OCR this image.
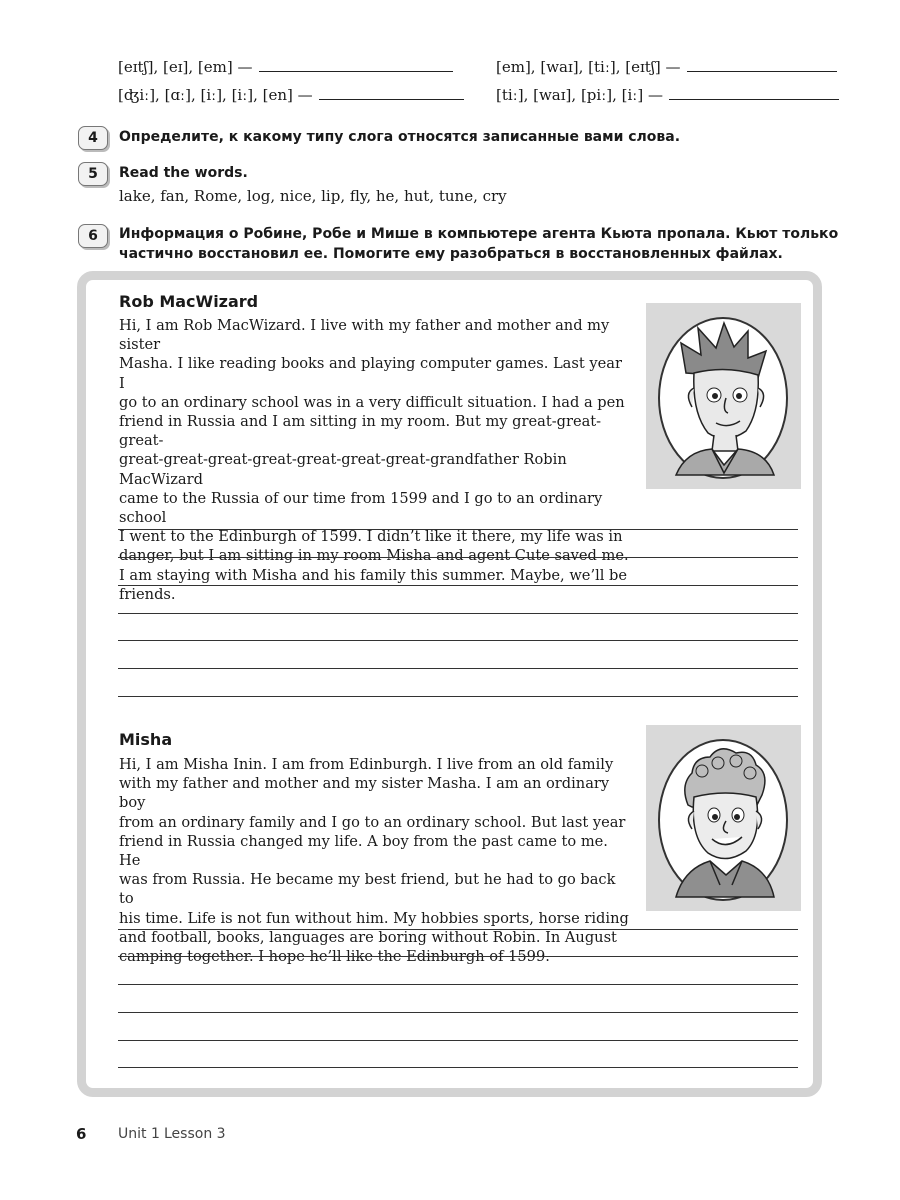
[eɪtʃ], [eɪ], [em] —
[ʤiː], [ɑː], [iː], [iː], [en] —
[em], [waɪ], [tiː], [eɪtʃ] —
[tiː], [waɪ], [piː], [iː] —
4	Определите, к какому типу слога относятся записанные вами слова.
5	Read the words.
lake, fan, Rome, log, nice, lip, fly, he, hut, tune, cry
6	Информация о Робине, Робе и Мише в компьютере агента Кьюта пропала. Кьют только
частично восстановил ее. Помогите ему разобраться в восстановленных файлах.
Rob MacWizard
Hi, I am Rob MacWizard. I live with my father and mother and my sister
Masha. I like reading books and playing computer games. Last year I
go to an ordinary school was in a very difficult situation. I had a pen
friend in Russia and I am sitting in my room. But my great-great-great-
great-great-great-great-great-great-great-grandfather Robin MacWizard
came to the Russia of our time from 1599 and I go to an ordinary school
I went to the Edinburgh of 1599. I didn’t like it there, my life was in
danger, but I am sitting in my room Misha and agent Cute saved me.
I am staying with Misha and his family this summer. Maybe, we’ll be
friends.
Misha
Hi, I am Misha Inin. I am from Edinburgh. I live from an old family
with my father and mother and my sister Masha. I am an ordinary boy
from an ordinary family and I go to an ordinary school. But last year
friend in Russia changed my life. A boy from the past came to me. He
was from Russia. He became my best friend, but he had to go back to
his time. Life is not fun without him. My hobbies sports, horse riding
and football, books, languages are boring without Robin. In August
camping together. I hope he’ll like the Edinburgh of 1599.
6 Unit 1 Lesson 3
